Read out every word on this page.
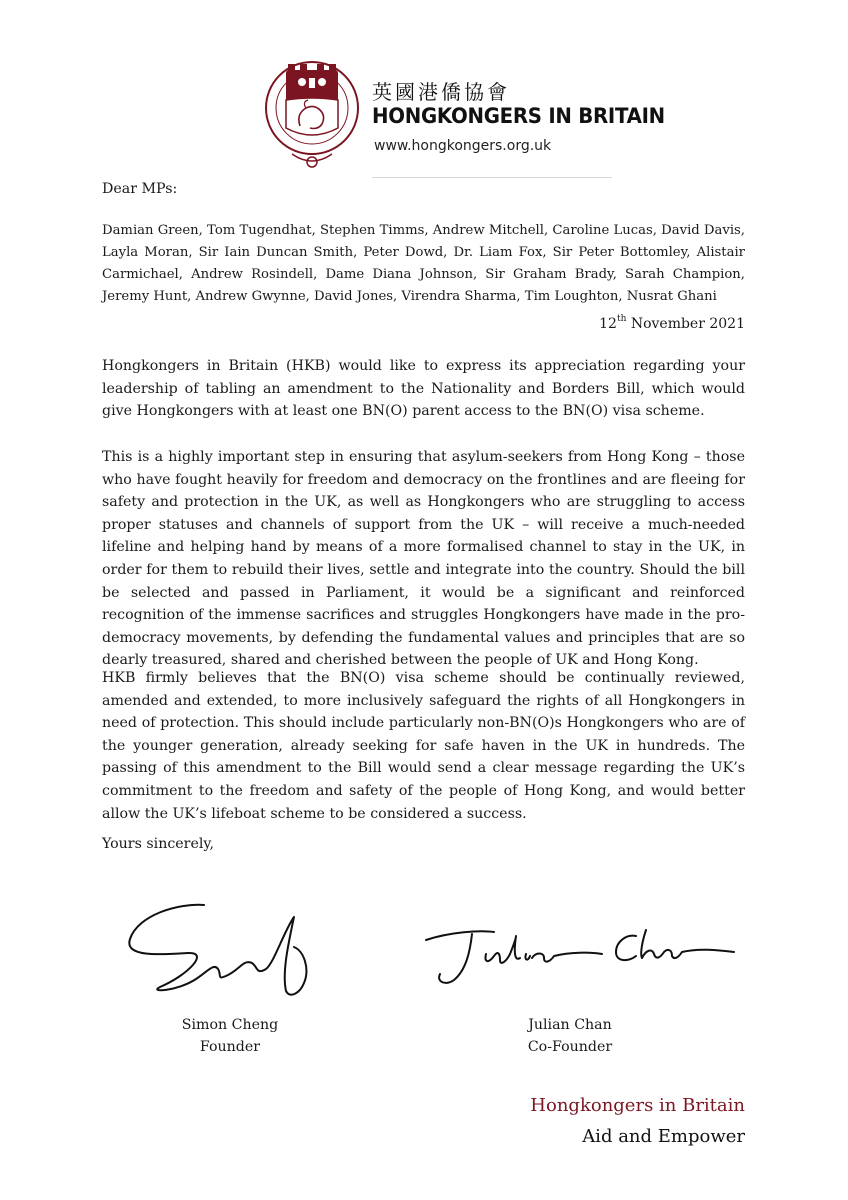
英國港僑協會
HONGKONGERS IN BRITAIN
www.hongkongers.org.uk
Dear MPs:
Damian Green, Tom Tugendhat, Stephen Timms, Andrew Mitchell, Caroline Lucas, David Davis, Layla Moran, Sir Iain Duncan Smith, Peter Dowd, Dr. Liam Fox, Sir Peter Bottomley, Alistair Carmichael, Andrew Rosindell, Dame Diana Johnson, Sir Graham Brady, Sarah Champion, Jeremy Hunt, Andrew Gwynne, David Jones, Virendra Sharma, Tim Loughton, Nusrat Ghani
12th November 2021
Hongkongers in Britain (HKB) would like to express its appreciation regarding your leadership of tabling an amendment to the Nationality and Borders Bill, which would give Hongkongers with at least one BN(O) parent access to the BN(O) visa scheme.
This is a highly important step in ensuring that asylum-seekers from Hong Kong – those who have fought heavily for freedom and democracy on the frontlines and are fleeing for safety and protection in the UK, as well as Hongkongers who are struggling to access proper statuses and channels of support from the UK – will receive a much-needed lifeline and helping hand by means of a more formalised channel to stay in the UK, in order for them to rebuild their lives, settle and integrate into the country. Should the bill be selected and passed in Parliament, it would be a significant and reinforced recognition of the immense sacrifices and struggles Hongkongers have made in the pro-democracy movements, by defending the fundamental values and principles that are so dearly treasured, shared and cherished between the people of UK and Hong Kong.
HKB firmly believes that the BN(O) visa scheme should be continually reviewed, amended and extended, to more inclusively safeguard the rights of all Hongkongers in need of protection. This should include particularly non-BN(O)s Hongkongers who are of the younger generation, already seeking for safe haven in the UK in hundreds. The passing of this amendment to the Bill would send a clear message regarding the UK’s commitment to the freedom and safety of the people of Hong Kong, and would better allow the UK’s lifeboat scheme to be considered a success.
Yours sincerely,
Simon Cheng
Founder
Julian Chan
Co-Founder
Hongkongers in Britain
Aid and Empower
